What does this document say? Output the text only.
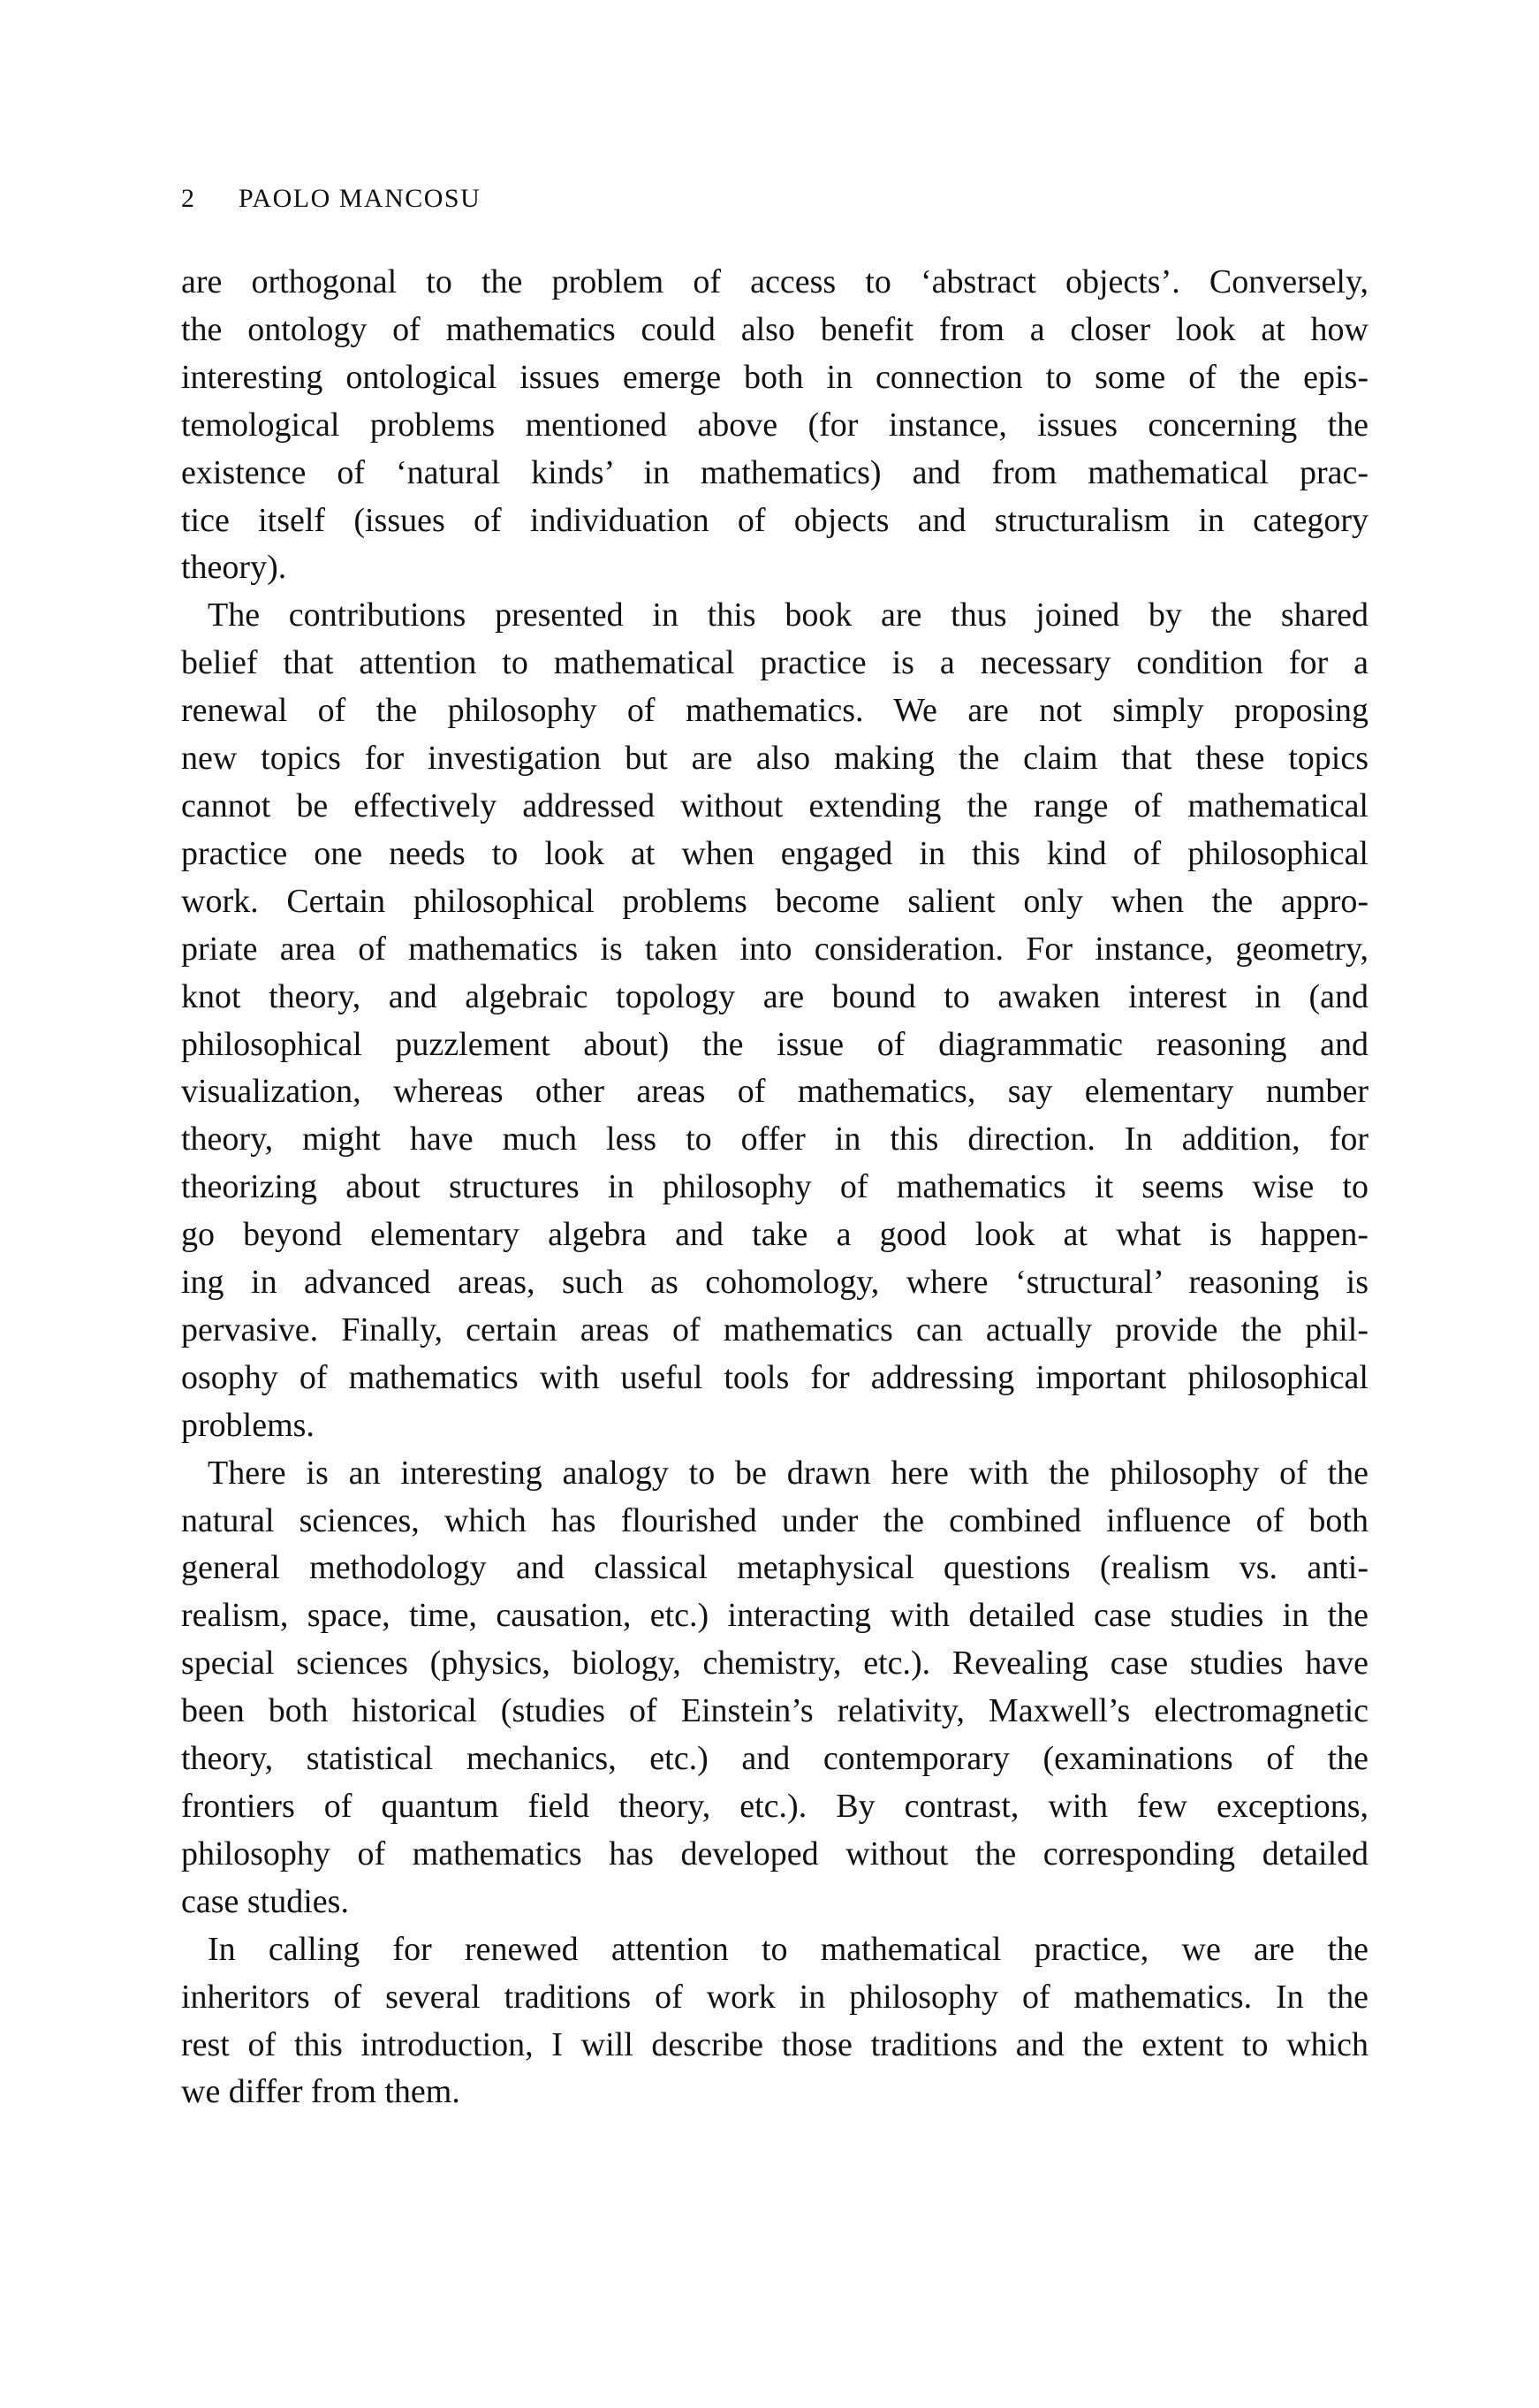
2 PAOLO MANCOSU
are orthogonal to the problem of access to ‘abstract objects’. Conversely,
the ontology of mathematics could also benefit from a closer look at how
interesting ontological issues emerge both in connection to some of the epis-
temological problems mentioned above (for instance, issues concerning the
existence of ‘natural kinds’ in mathematics) and from mathematical prac-
tice itself (issues of individuation of objects and structuralism in category
theory).
The contributions presented in this book are thus joined by the shared
belief that attention to mathematical practice is a necessary condition for a
renewal of the philosophy of mathematics. We are not simply proposing
new topics for investigation but are also making the claim that these topics
cannot be effectively addressed without extending the range of mathematical
practice one needs to look at when engaged in this kind of philosophical
work. Certain philosophical problems become salient only when the appro-
priate area of mathematics is taken into consideration. For instance, geometry,
knot theory, and algebraic topology are bound to awaken interest in (and
philosophical puzzlement about) the issue of diagrammatic reasoning and
visualization, whereas other areas of mathematics, say elementary number
theory, might have much less to offer in this direction. In addition, for
theorizing about structures in philosophy of mathematics it seems wise to
go beyond elementary algebra and take a good look at what is happen-
ing in advanced areas, such as cohomology, where ‘structural’ reasoning is
pervasive. Finally, certain areas of mathematics can actually provide the phil-
osophy of mathematics with useful tools for addressing important philosophical
problems.
There is an interesting analogy to be drawn here with the philosophy of the
natural sciences, which has flourished under the combined influence of both
general methodology and classical metaphysical questions (realism vs. anti-
realism, space, time, causation, etc.) interacting with detailed case studies in the
special sciences (physics, biology, chemistry, etc.). Revealing case studies have
been both historical (studies of Einstein’s relativity, Maxwell’s electromagnetic
theory, statistical mechanics, etc.) and contemporary (examinations of the
frontiers of quantum field theory, etc.). By contrast, with few exceptions,
philosophy of mathematics has developed without the corresponding detailed
case studies.
In calling for renewed attention to mathematical practice, we are the
inheritors of several traditions of work in philosophy of mathematics. In the
rest of this introduction, I will describe those traditions and the extent to which
we differ from them.
